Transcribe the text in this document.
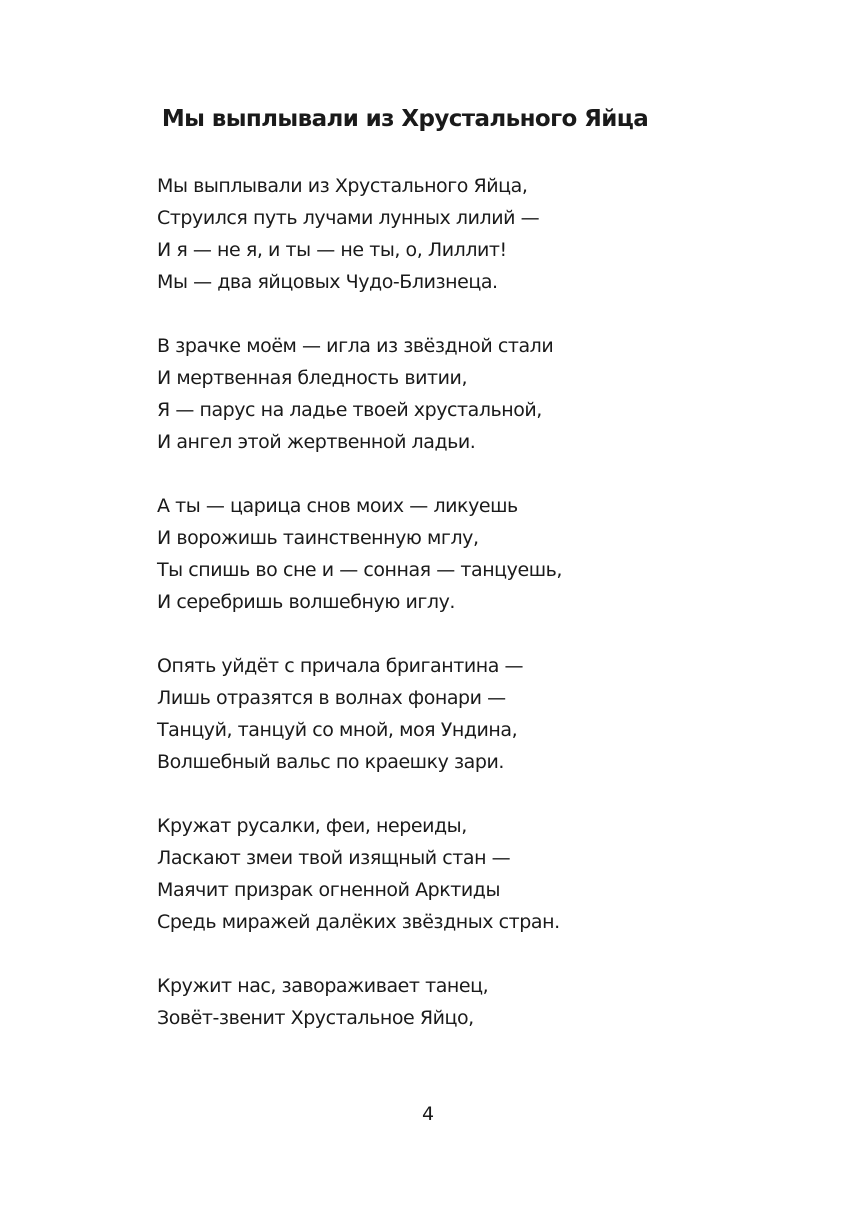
Мы выплывали из Хрустального Яйца
Мы выплывали из Хрустального Яйца,
Струился путь лучами лунных лилий —
И я — не я, и ты — не ты, о, Лиллит!
Мы — два яйцовых Чудо-Близнеца.
В зрачке моём — игла из звёздной стали
И мертвенная бледность витии,
Я — парус на ладье твоей хрустальной,
И ангел этой жертвенной ладьи.
А ты — царица снов моих — ликуешь
И ворожишь таинственную мглу,
Ты спишь во сне и — сонная — танцуешь,
И серебришь волшебную иглу.
Опять уйдёт с причала бригантина —
Лишь отразятся в волнах фонари —
Танцуй, танцуй со мной, моя Ундина,
Волшебный вальс по краешку зари.
Кружат русалки, феи, нереиды,
Ласкают змеи твой изящный стан —
Маячит призрак огненной Арктиды
Средь миражей далёких звёздных стран.
Кружит нас, завораживает танец,
Зовёт-звенит Хрустальное Яйцо,
4
